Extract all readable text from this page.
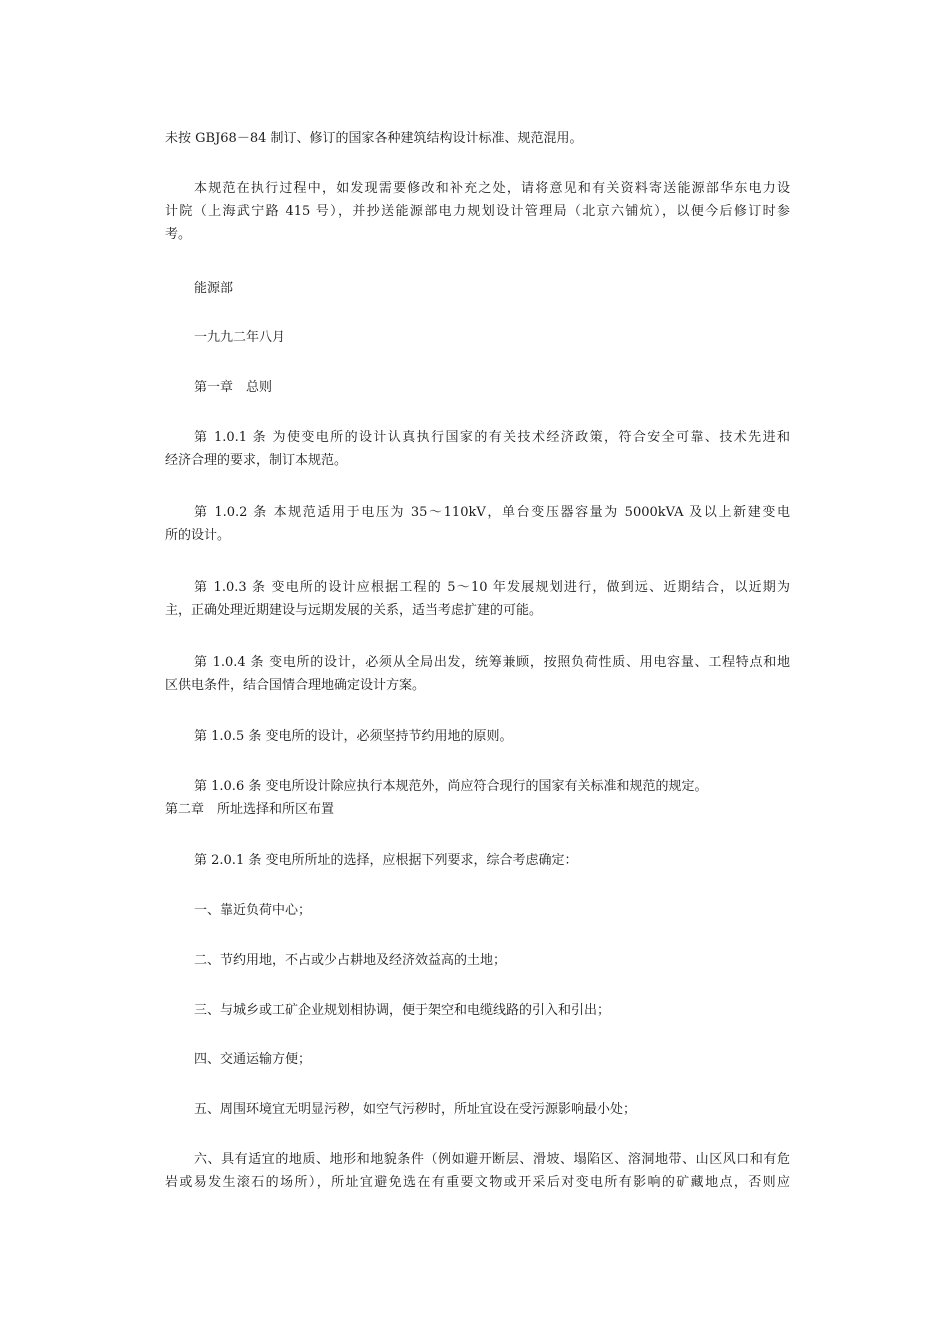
未按 GBJ68－84 制订、修订的国家各种建筑结构设计标准、规范混用。

本规范在执行过程中，如发现需要修改和补充之处，请将意见和有关资料寄送能源部华东电力设
计院（上海武宁路 415 号），并抄送能源部电力规划设计管理局（北京六铺炕），以便今后修订时参
考。

能源部

一九九二年八月

第一章　总则

第 1.0.1 条 为使变电所的设计认真执行国家的有关技术经济政策，符合安全可靠、技术先进和
经济合理的要求，制订本规范。

第 1.0.2 条 本规范适用于电压为 35～110kV，单台变压器容量为 5000kVA 及以上新建变电
所的设计。

第 1.0.3 条 变电所的设计应根据工程的 5～10 年发展规划进行，做到远、近期结合，以近期为
主，正确处理近期建设与远期发展的关系，适当考虑扩建的可能。

第 1.0.4 条 变电所的设计，必须从全局出发，统筹兼顾，按照负荷性质、用电容量、工程特点和地
区供电条件，结合国情合理地确定设计方案。

第 1.0.5 条 变电所的设计，必须坚持节约用地的原则。

第 1.0.6 条 变电所设计除应执行本规范外，尚应符合现行的国家有关标准和规范的规定。

第二章　所址选择和所区布置

第 2.0.1 条 变电所所址的选择，应根据下列要求，综合考虑确定：

一、靠近负荷中心；

二、节约用地，不占或少占耕地及经济效益高的土地；

三、与城乡或工矿企业规划相协调，便于架空和电缆线路的引入和引出；

四、交通运输方便；

五、周围环境宜无明显污秽，如空气污秽时，所址宜设在受污源影响最小处；

六、具有适宜的地质、地形和地貌条件（例如避开断层、滑坡、塌陷区、溶洞地带、山区风口和有危
岩或易发生滚石的场所），所址宜避免选在有重要文物或开采后对变电所有影响的矿藏地点，否则应
